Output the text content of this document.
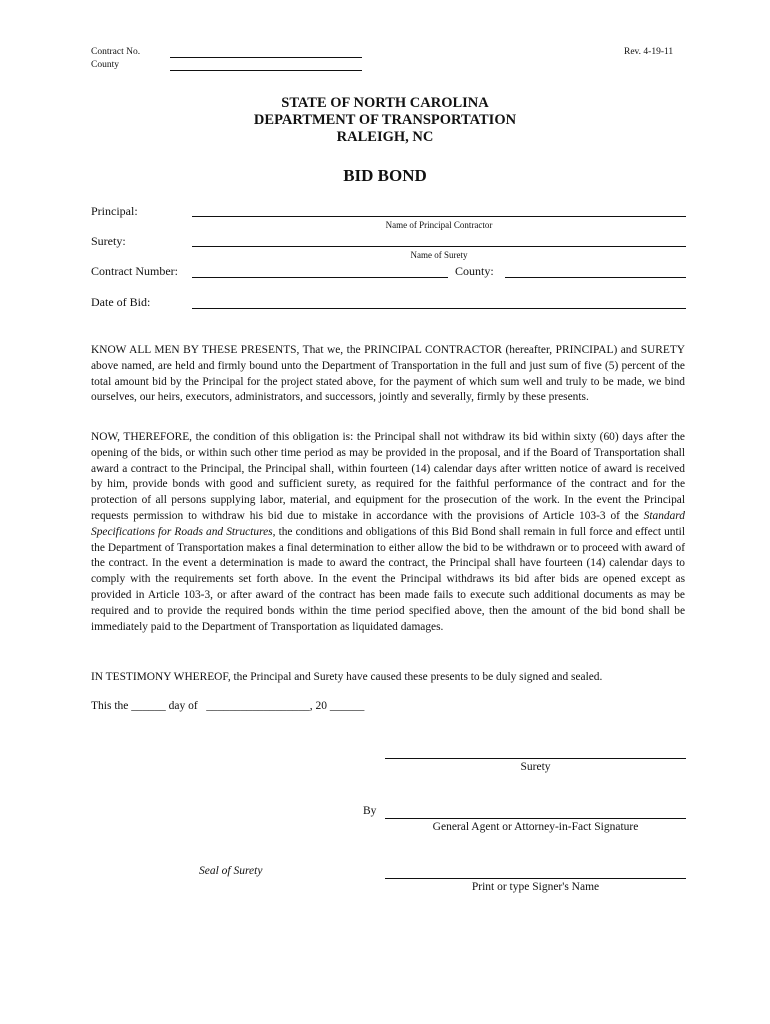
Contract No.
County
Rev. 4-19-11
STATE OF NORTH CAROLINA
DEPARTMENT OF TRANSPORTATION
RALEIGH, NC
BID BOND
Principal:
Name of Principal Contractor
Surety:
Name of Surety
Contract Number:	County:
Date of Bid:

KNOW ALL MEN BY THESE PRESENTS, That we, the PRINCIPAL CONTRACTOR (hereafter, PRINCIPAL) and SURETY above named, are held and firmly bound unto the Department of Transportation in the full and just sum of five (5) percent of the total amount bid by the Principal for the project stated above, for the payment of which sum well and truly to be made, we bind ourselves, our heirs, executors, administrators, and successors, jointly and severally, firmly by these presents.

NOW, THEREFORE, the condition of this obligation is: the Principal shall not withdraw its bid within sixty (60) days after the opening of the bids, or within such other time period as may be provided in the proposal, and if the Board of Transportation shall award a contract to the Principal, the Principal shall, within fourteen (14) calendar days after written notice of award is received by him, provide bonds with good and sufficient surety, as required for the faithful performance of the contract and for the protection of all persons supplying labor, material, and equipment for the prosecution of the work. In the event the Principal requests permission to withdraw his bid due to mistake in accordance with the provisions of Article 103-3 of the Standard Specifications for Roads and Structures, the conditions and obligations of this Bid Bond shall remain in full force and effect until the Department of Transportation makes a final determination to either allow the bid to be withdrawn or to proceed with award of the contract. In the event a determination is made to award the contract, the Principal shall have fourteen (14) calendar days to comply with the requirements set forth above. In the event the Principal withdraws its bid after bids are opened except as provided in Article 103-3, or after award of the contract has been made fails to execute such additional documents as may be required and to provide the required bonds within the time period specified above, then the amount of the bid bond shall be immediately paid to the Department of Transportation as liquidated damages.

IN TESTIMONY WHEREOF, the Principal and Surety have caused these presents to be duly signed and sealed.

This the ______ day of   __________________, 20 ______
Surety
By
General Agent or Attorney-in-Fact Signature
Seal of Surety
Print or type Signer's Name
